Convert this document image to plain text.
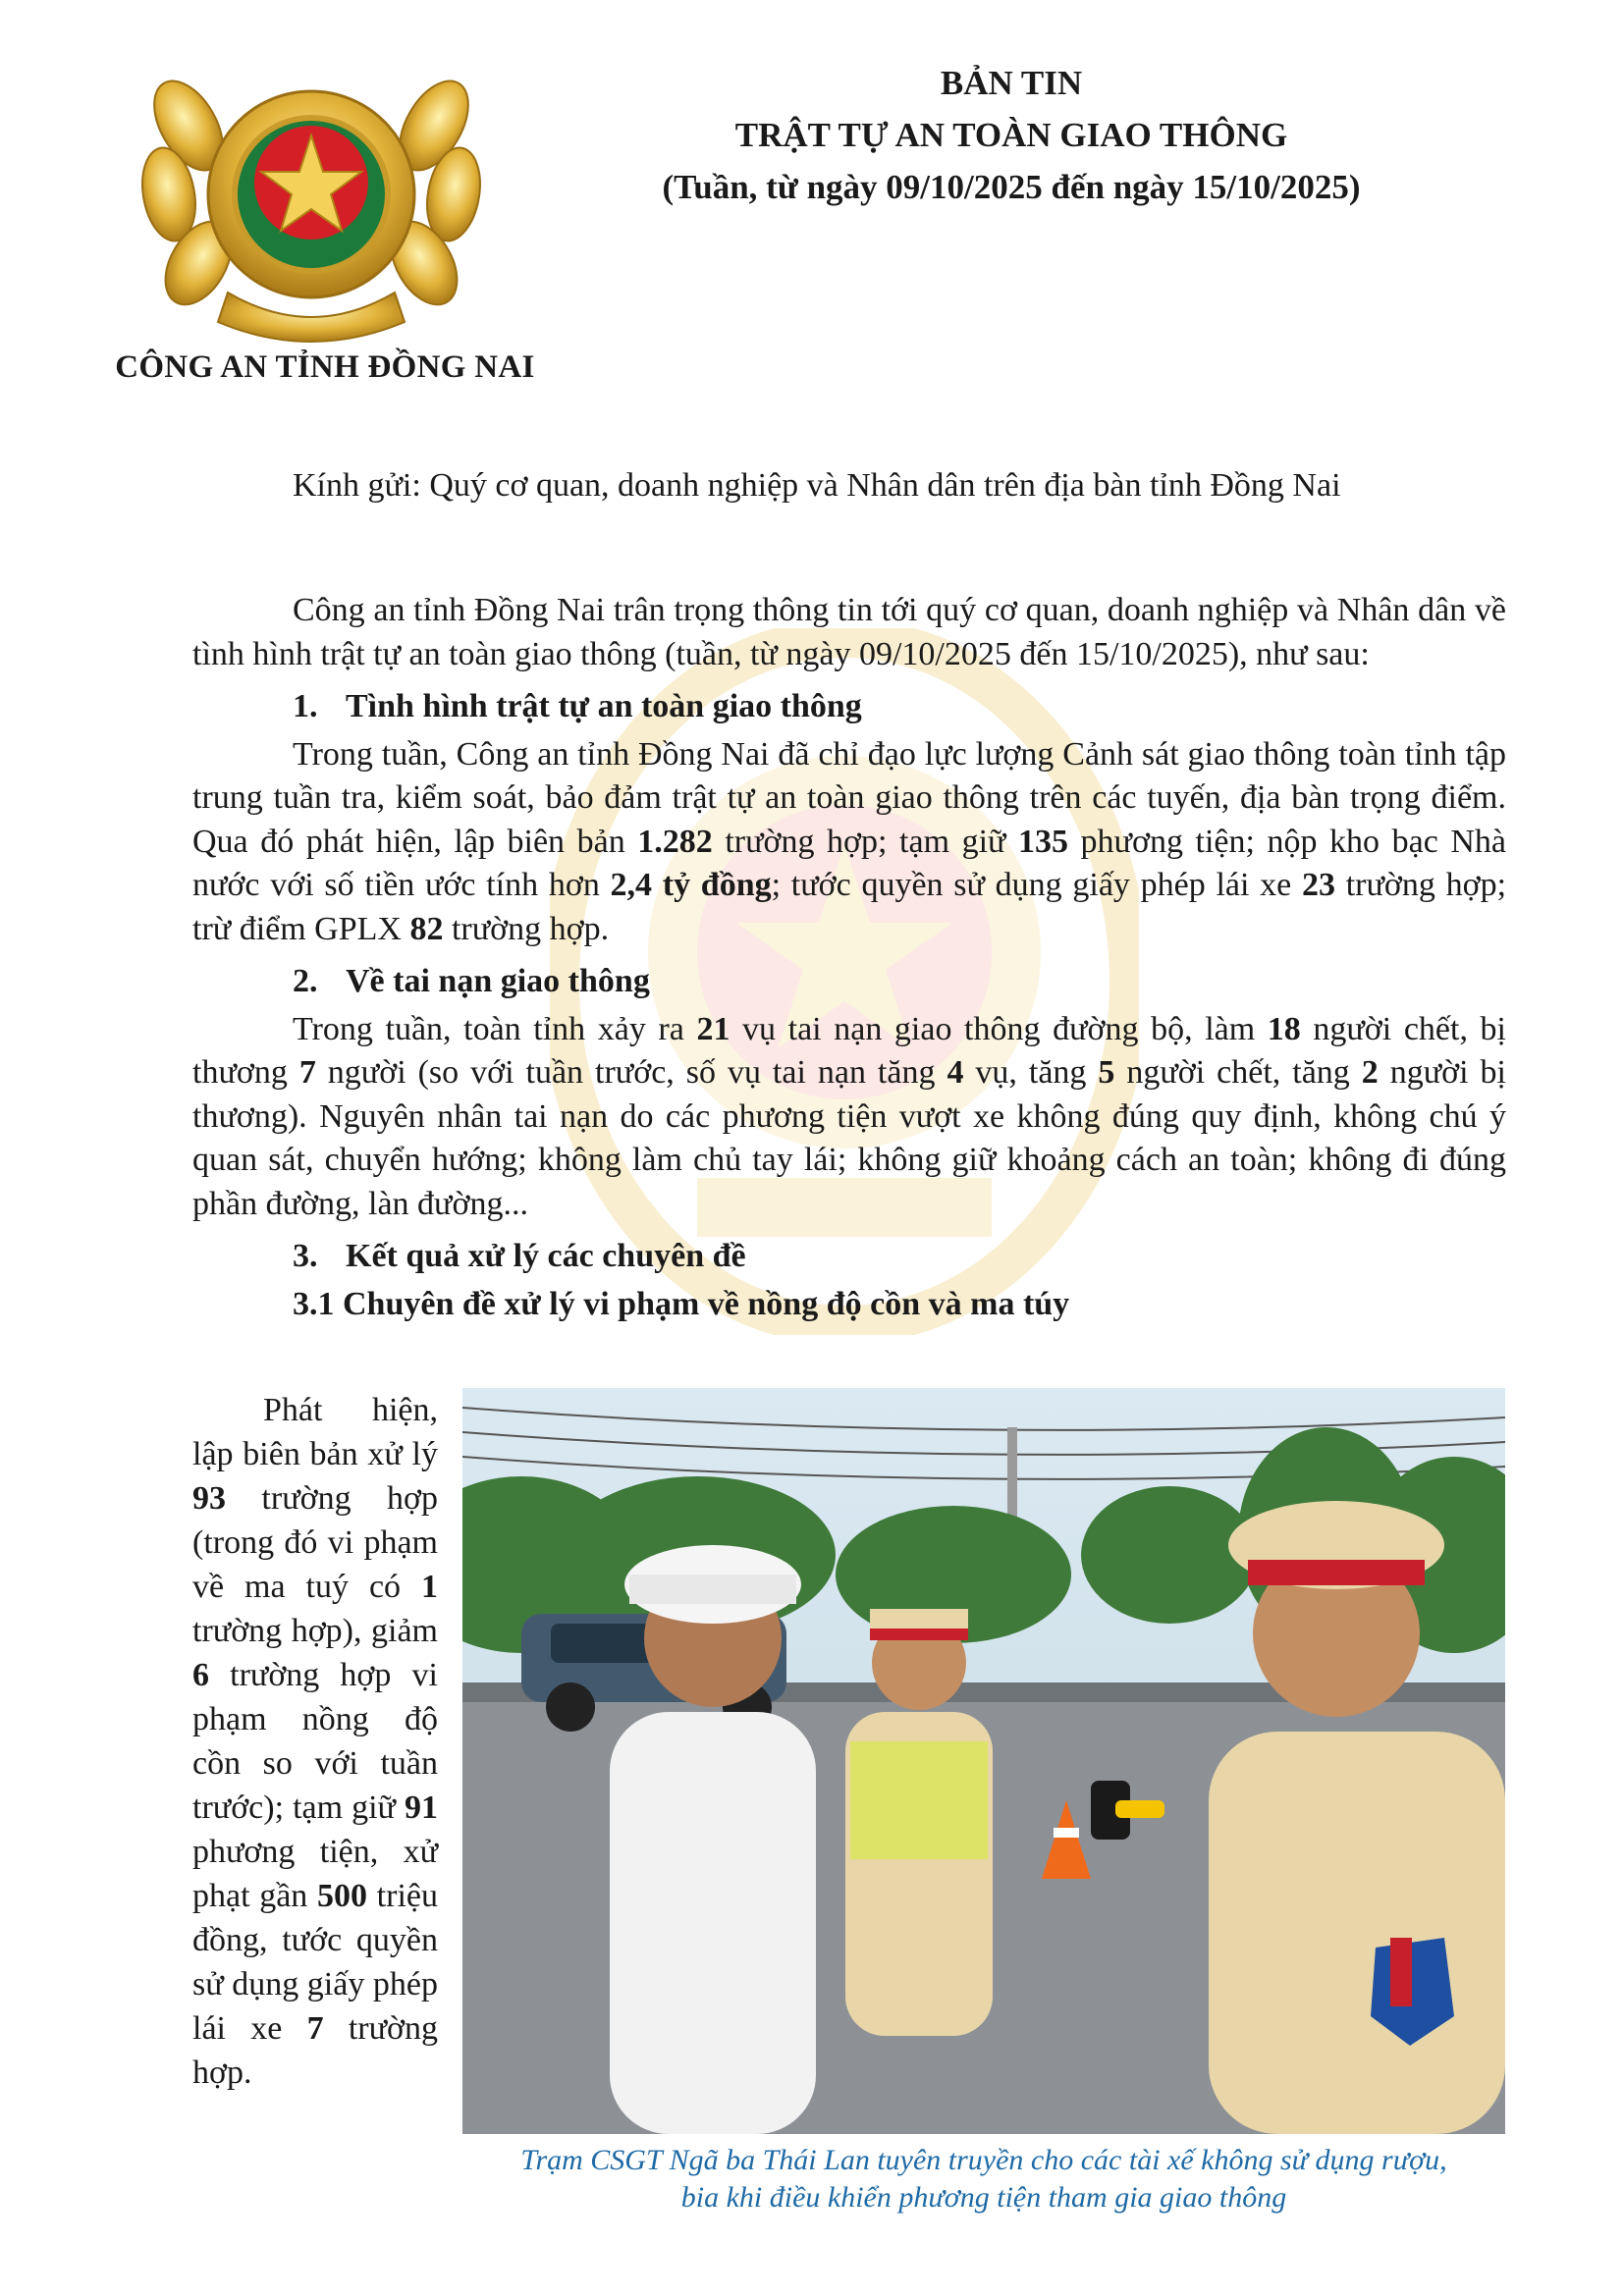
CÔNG AN TỈNH ĐỒNG NAI
BẢN TIN
TRẬT TỰ AN TOÀN GIAO THÔNG
(Tuần, từ ngày 09/10/2025 đến ngày 15/10/2025)
Kính gửi: Quý cơ quan, doanh nghiệp và Nhân dân trên địa bàn tỉnh Đồng Nai

Công an tỉnh Đồng Nai trân trọng thông tin tới quý cơ quan, doanh nghiệp và Nhân dân về tình hình trật tự an toàn giao thông (tuần, từ ngày 09/10/2025 đến 15/10/2025), như sau:

1. Tình hình trật tự an toàn giao thông

Trong tuần, Công an tỉnh Đồng Nai đã chỉ đạo lực lượng Cảnh sát giao thông toàn tỉnh tập trung tuần tra, kiểm soát, bảo đảm trật tự an toàn giao thông trên các tuyến, địa bàn trọng điểm. Qua đó phát hiện, lập biên bản 1.282 trường hợp; tạm giữ 135 phương tiện; nộp kho bạc Nhà nước với số tiền ước tính hơn 2,4 tỷ đồng; tước quyền sử dụng giấy phép lái xe 23 trường hợp; trừ điểm GPLX 82 trường hợp.

2. Về tai nạn giao thông

Trong tuần, toàn tỉnh xảy ra 21 vụ tai nạn giao thông đường bộ, làm 18 người chết, bị thương 7 người (so với tuần trước, số vụ tai nạn tăng 4 vụ, tăng 5 người chết, tăng 2 người bị thương). Nguyên nhân tai nạn do các phương tiện vượt xe không đúng quy định, không chú ý quan sát, chuyển hướng; không làm chủ tay lái; không giữ khoảng cách an toàn; không đi đúng phần đường, làn đường...

3. Kết quả xử lý các chuyên đề
3.1 Chuyên đề xử lý vi phạm về nồng độ cồn và ma túy

Phát hiện, lập biên bản xử lý 93 trường hợp (trong đó vi phạm về ma tuý có 1 trường hợp), giảm 6 trường hợp vi phạm nồng độ cồn so với tuần trước); tạm giữ 91 phương tiện, xử phạt gần 500 triệu đồng, tước quyền sử dụng giấy phép lái xe 7 trường hợp.

Trạm CSGT Ngã ba Thái Lan tuyên truyền cho các tài xế không sử dụng rượu,
bia khi điều khiển phương tiện tham gia giao thông
